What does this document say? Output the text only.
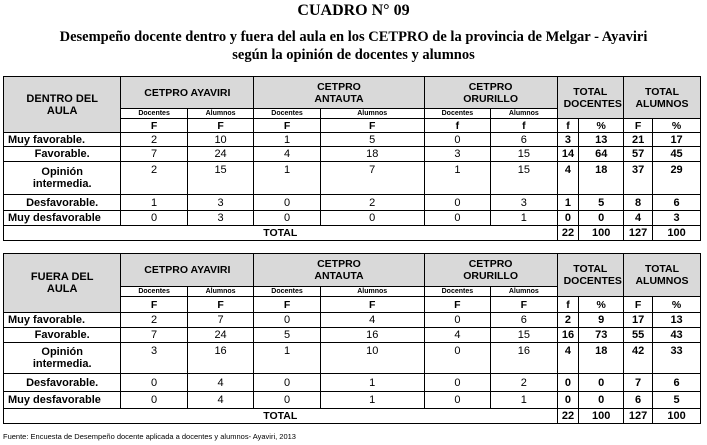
CUADRO N° 09
Desempeño docente dentro y fuera del aula en los CETPRO de la provincia de Melgar - Ayaviri
según la opinión de docentes y alumnos
DENTRO DEL AULA	CETPRO AYAVIRI		CETPRO ANTAUTA		CETPRO ORURILLO		TOTAL DOCENTES		TOTAL ALUMNOS	

	Docentes	Alumnos	Docentes	Alumnos	Docentes	Alumnos				
	F	F	F	F	f	f	f	%	F	%
Muy favorable.	2	10	1	5	0	6	3	13	21	17
Favorable.	7	24	4	18	3	15	14	64	57	45

Opinión intermedia.	2	15	1	7	1	15	4	18	37	29
Desfavorable.	1	3	0	2	0	3	1	5	8	6
Muy desfavorable	0	3	0	0	0	1	0	0	4	3
TOTAL							22	100	127	100
FUERA DEL AULA	CETPRO AYAVIRI		CETPRO ANTAUTA		CETPRO ORURILLO		TOTAL DOCENTES		TOTAL ALUMNOS	

	Docentes	Alumnos	Docentes	Alumnos	Docentes	Alumnos				
	F	F	F	F	F	F	f	%	F	%
Muy favorable.	2	7	0	4	0	6	2	9	17	13
Favorable.	7	24	5	16	4	15	16	73	55	43

Opinión intermedia.	3	16	1	10	0	16	4	18	42	33
Desfavorable.	0	4	0	1	0	2	0	0	7	6
Muy desfavorable	0	4	0	1	0	1	0	0	6	5
TOTAL							22	100	127	100
Fuente: Encuesta de Desempeño docente aplicada a docentes y alumnos- Ayaviri, 2013
